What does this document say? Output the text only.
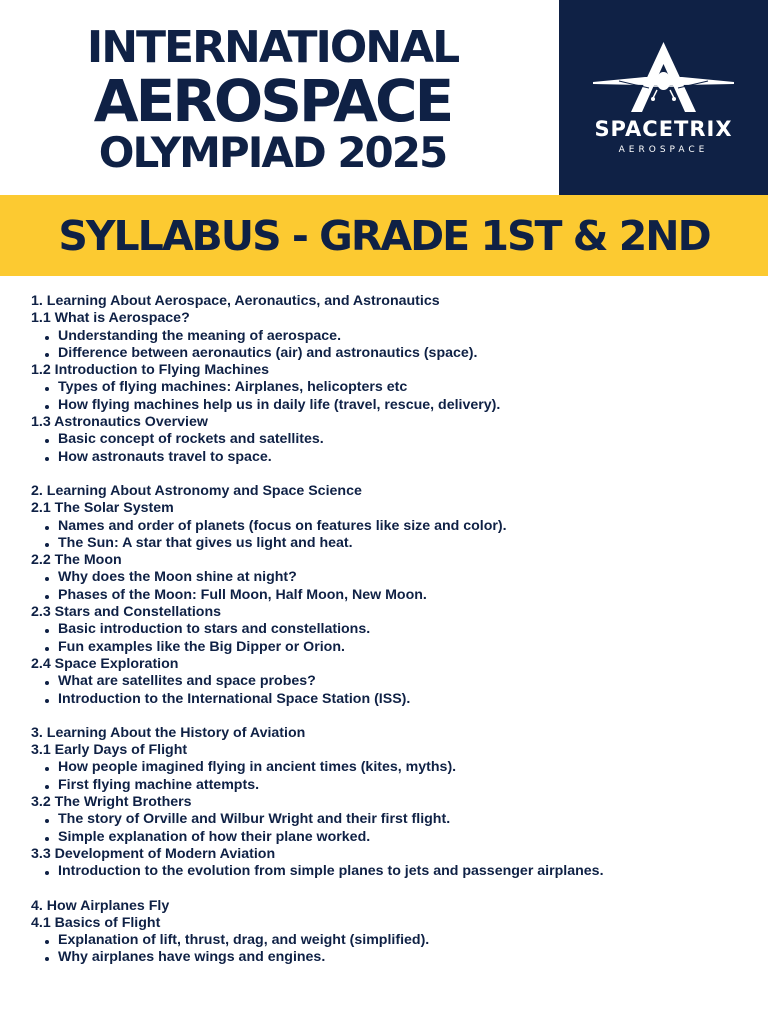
INTERNATIONAL
AEROSPACE
OLYMPIAD 2025	SPACETRIX
AEROSPACE
SYLLABUS - GRADE 1ST & 2ND
1. Learning About Aerospace, Aeronautics, and Astronautics
1.1 What is Aerospace?
Understanding the meaning of aerospace.
Difference between aeronautics (air) and astronautics (space).
1.2 Introduction to Flying Machines
Types of flying machines: Airplanes, helicopters etc
How flying machines help us in daily life (travel, rescue, delivery).
1.3 Astronautics Overview
Basic concept of rockets and satellites.
How astronauts travel to space.
2. Learning About Astronomy and Space Science
2.1 The Solar System
Names and order of planets (focus on features like size and color).
The Sun: A star that gives us light and heat.
2.2 The Moon
Why does the Moon shine at night?
Phases of the Moon: Full Moon, Half Moon, New Moon.
2.3 Stars and Constellations
Basic introduction to stars and constellations.
Fun examples like the Big Dipper or Orion.
2.4 Space Exploration
What are satellites and space probes?
Introduction to the International Space Station (ISS).
3. Learning About the History of Aviation
3.1 Early Days of Flight
How people imagined flying in ancient times (kites, myths).
First flying machine attempts.
3.2 The Wright Brothers
The story of Orville and Wilbur Wright and their first flight.
Simple explanation of how their plane worked.
3.3 Development of Modern Aviation
Introduction to the evolution from simple planes to jets and passenger airplanes.
4. How Airplanes Fly
4.1 Basics of Flight
Explanation of lift, thrust, drag, and weight (simplified).
Why airplanes have wings and engines.
